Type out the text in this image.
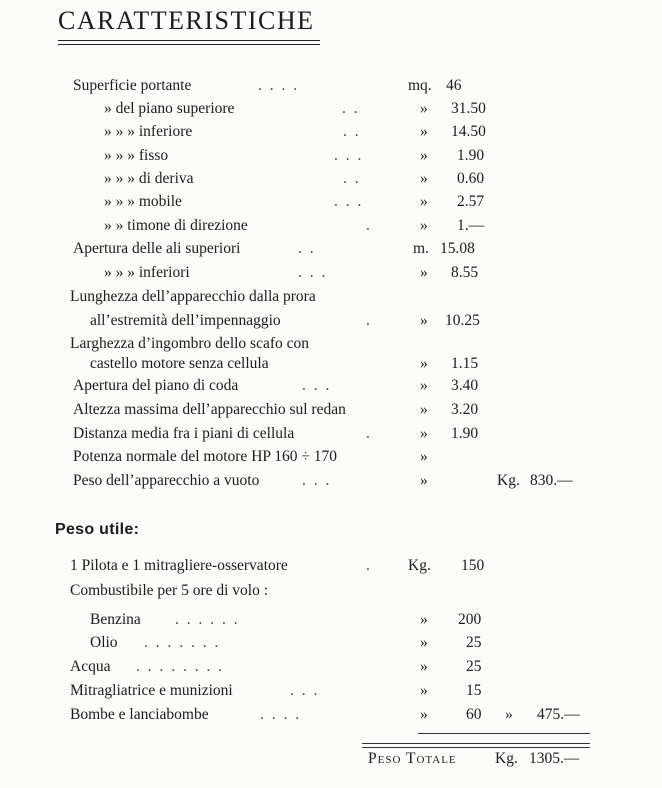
CARATTERISTICHE
Superficie portante	. . . .	mq. 46
» del piano superiore	. .	» 31.50
» » » inferiore	. .	» 14.50
» » » fisso	. . .	» 1.90
» » » di deriva	. .	» 0.60
» » » mobile	. . .	» 2.57
» » timone di direzione	.	» 1.—
Apertura delle ali superiori	. .	m. 15.08
» » » inferiori	. . .	» 8.55
Lunghezza dell’apparecchio dalla prora
all’estremità dell’impennaggio	.	» 10.25
Larghezza d’ingombro dello scafo con
castello motore senza cellula	» 1.15
Apertura del piano di coda	. . .	» 3.40
Altezza massima dell’apparecchio sul redan	» 3.20
Distanza media fra i piani di cellula	.	» 1.90
Potenza normale del motore HP 160 ÷ 170	»
Peso dell’apparecchio a vuoto	. . .	»	Kg. 830.—
Peso utile:
1 Pilota e 1 mitragliere-osservatore	. Kg. 150
Combustibile per 5 ore di volo :
Benzina . . . . . .	» 200
Olio . . . . . . .	» 25
Acqua . . . . . . . .	» 25
Mitragliatrice e munizioni	. . .	» 15
Bombe e lanciabombe	. . . .	» 60 » 475.—
Peso Totale Kg. 1305.—
